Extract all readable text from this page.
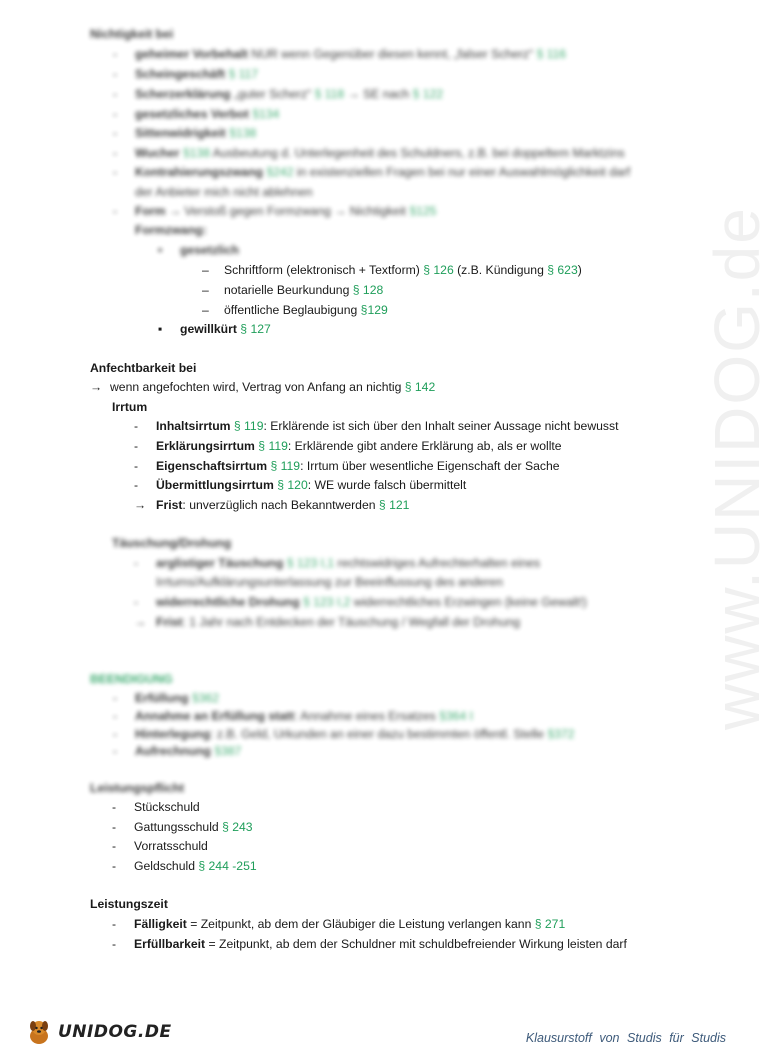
www.UNIDOG.de
Nichtigkeit bei
- geheimer Vorbehalt NUR wenn Gegenüber diesen kennt, „falser Scherz“ § 116
- Scheingeschäft § 117
- Scherzerklärung „guter Scherz“ § 118 → SE nach § 122
- gesetzliches Verbot §134
- Sittenwidrigkeit §138
- Wucher §138 Ausbeutung d. Unterlegenheit des Schuldners, z.B. bei doppeltem Marktzins
- Kontrahierungszwang §242 in existenziellen Fragen bei nur einer Auswahlmöglichkeit darf
der Anbieter mich nicht ablehnen
- Form → Verstoß gegen Formzwang → Nichtigkeit §125
Formzwang:
▪ gesetzlich
– Schriftform (elektronisch + Textform) § 126 (z.B. Kündigung § 623)
– notarielle Beurkundung § 128
– öffentliche Beglaubigung §129
▪ gewillkürt § 127
Anfechtbarkeit bei
→ wenn angefochten wird, Vertrag von Anfang an nichtig § 142
Irrtum
- Inhaltsirrtum § 119: Erklärende ist sich über den Inhalt seiner Aussage nicht bewusst
- Erklärungsirrtum § 119: Erklärende gibt andere Erklärung ab, als er wollte
- Eigenschaftsirrtum § 119: Irrtum über wesentliche Eigenschaft der Sache
- Übermittlungsirrtum § 120: WE wurde falsch übermittelt
→ Frist: unverzüglich nach Bekanntwerden § 121
Täuschung/Drohung
- arglistiger Täuschung § 123 I,1 rechtswidriges Aufrechterhalten eines
Irrtums/Aufklärungsunterlassung zur Beeinflussung des anderen
- widerrechtliche Drohung § 123 I,2 widerrechtliches Erzwingen (keine Gewalt!)
→ Frist: 1 Jahr nach Entdecken der Täuschung / Wegfall der Drohung
BEENDIGUNG
- Erfüllung §362
- Annahme an Erfüllung statt: Annahme eines Ersatzes §364 I
- Hinterlegung: z.B. Geld, Urkunden an einer dazu bestimmten öffentl. Stelle §372
- Aufrechnung §387
Leistungspflicht
- Stückschuld
- Gattungsschuld § 243
- Vorratsschuld
- Geldschuld § 244 -251
Leistungszeit
- Fälligkeit = Zeitpunkt, ab dem der Gläubiger die Leistung verlangen kann § 271
- Erfüllbarkeit = Zeitpunkt, ab dem der Schuldner mit schuldbefreiender Wirkung leisten darf
UNIDOG.DE	Klausurstoff von Studis für Studis
